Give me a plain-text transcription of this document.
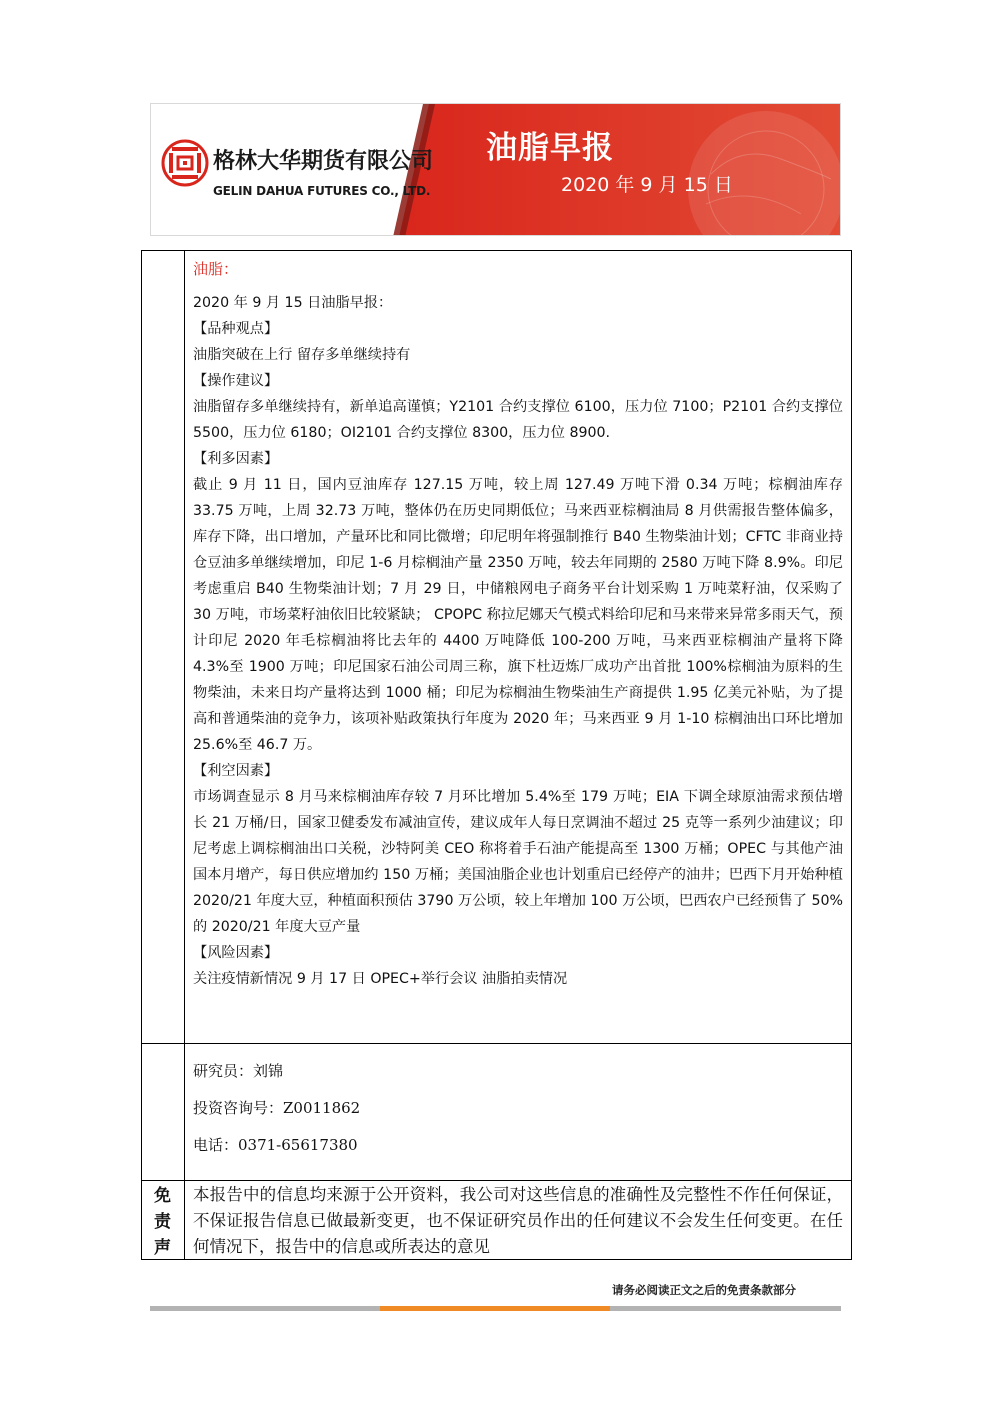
格林大华期货有限公司
GELIN DAHUA FUTURES CO., LTD.
油脂早报
2020 年 9 月 15 日

油脂：

2020 年 9 月 15 日油脂早报：

【品种观点】

油脂突破在上行 留存多单继续持有

【操作建议】

油脂留存多单继续持有，新单追高谨慎；Y2101 合约支撑位 6100，压力位 7100；P2101 合约支撑位 5500，压力位 6180；OI2101 合约支撑位 8300，压力位 8900.

【利多因素】

截止 9 月 11 日，国内豆油库存 127.15 万吨，较上周 127.49 万吨下滑 0.34 万吨；棕榈油库存 33.75 万吨，上周 32.73 万吨，整体仍在历史同期低位；马来西亚棕榈油局 8 月供需报告整体偏多，库存下降，出口增加，产量环比和同比微增；印尼明年将强制推行 B40 生物柴油计划；CFTC 非商业持仓豆油多单继续增加，印尼 1-6 月棕榈油产量 2350 万吨，较去年同期的 2580 万吨下降 8.9%。印尼考虑重启 B40 生物柴油计划；7 月 29 日，中储粮网电子商务平台计划采购 1 万吨菜籽油，仅采购了 30 万吨，市场菜籽油依旧比较紧缺； CPOPC 称拉尼娜天气模式料给印尼和马来带来异常多雨天气，预计印尼 2020 年毛棕榈油将比去年的 4400 万吨降低 100-200 万吨，马来西亚棕榈油产量将下降 4.3%至 1900 万吨；印尼国家石油公司周三称，旗下杜迈炼厂成功产出首批 100%棕榈油为原料的生物柴油，未来日均产量将达到 1000 桶；印尼为棕榈油生物柴油生产商提供 1.95 亿美元补贴，为了提高和普通柴油的竞争力，该项补贴政策执行年度为 2020 年；马来西亚 9 月 1-10 棕榈油出口环比增加 25.6%至 46.7 万。

【利空因素】

市场调查显示 8 月马来棕榈油库存较 7 月环比增加 5.4%至 179 万吨；EIA 下调全球原油需求预估增长 21 万桶/日，国家卫健委发布减油宣传，建议成年人每日烹调油不超过 25 克等一系列少油建议；印尼考虑上调棕榈油出口关税，沙特阿美 CEO 称将着手石油产能提高至 1300 万桶；OPEC 与其他产油国本月增产，每日供应增加约 150 万桶；美国油脂企业也计划重启已经停产的油井；巴西下月开始种植 2020/21 年度大豆，种植面积预估 3790 万公顷，较上年增加 100 万公顷，巴西农户已经预售了 50%的 2020/21 年度大豆产量

【风险因素】

关注疫情新情况 9 月 17 日 OPEC+举行会议 油脂拍卖情况

研究员：刘锦

投资咨询号：Z0011862

电话：0371-65617380

免
责
声
本报告中的信息均来源于公开资料，我公司对这些信息的准确性及完整性不作任何保证，不保证报告信息已做最新变更，也不保证研究员作出的任何建议不会发生任何变更。在任何情况下，报告中的信息或所表达的意见
请务必阅读正文之后的免责条款部分
